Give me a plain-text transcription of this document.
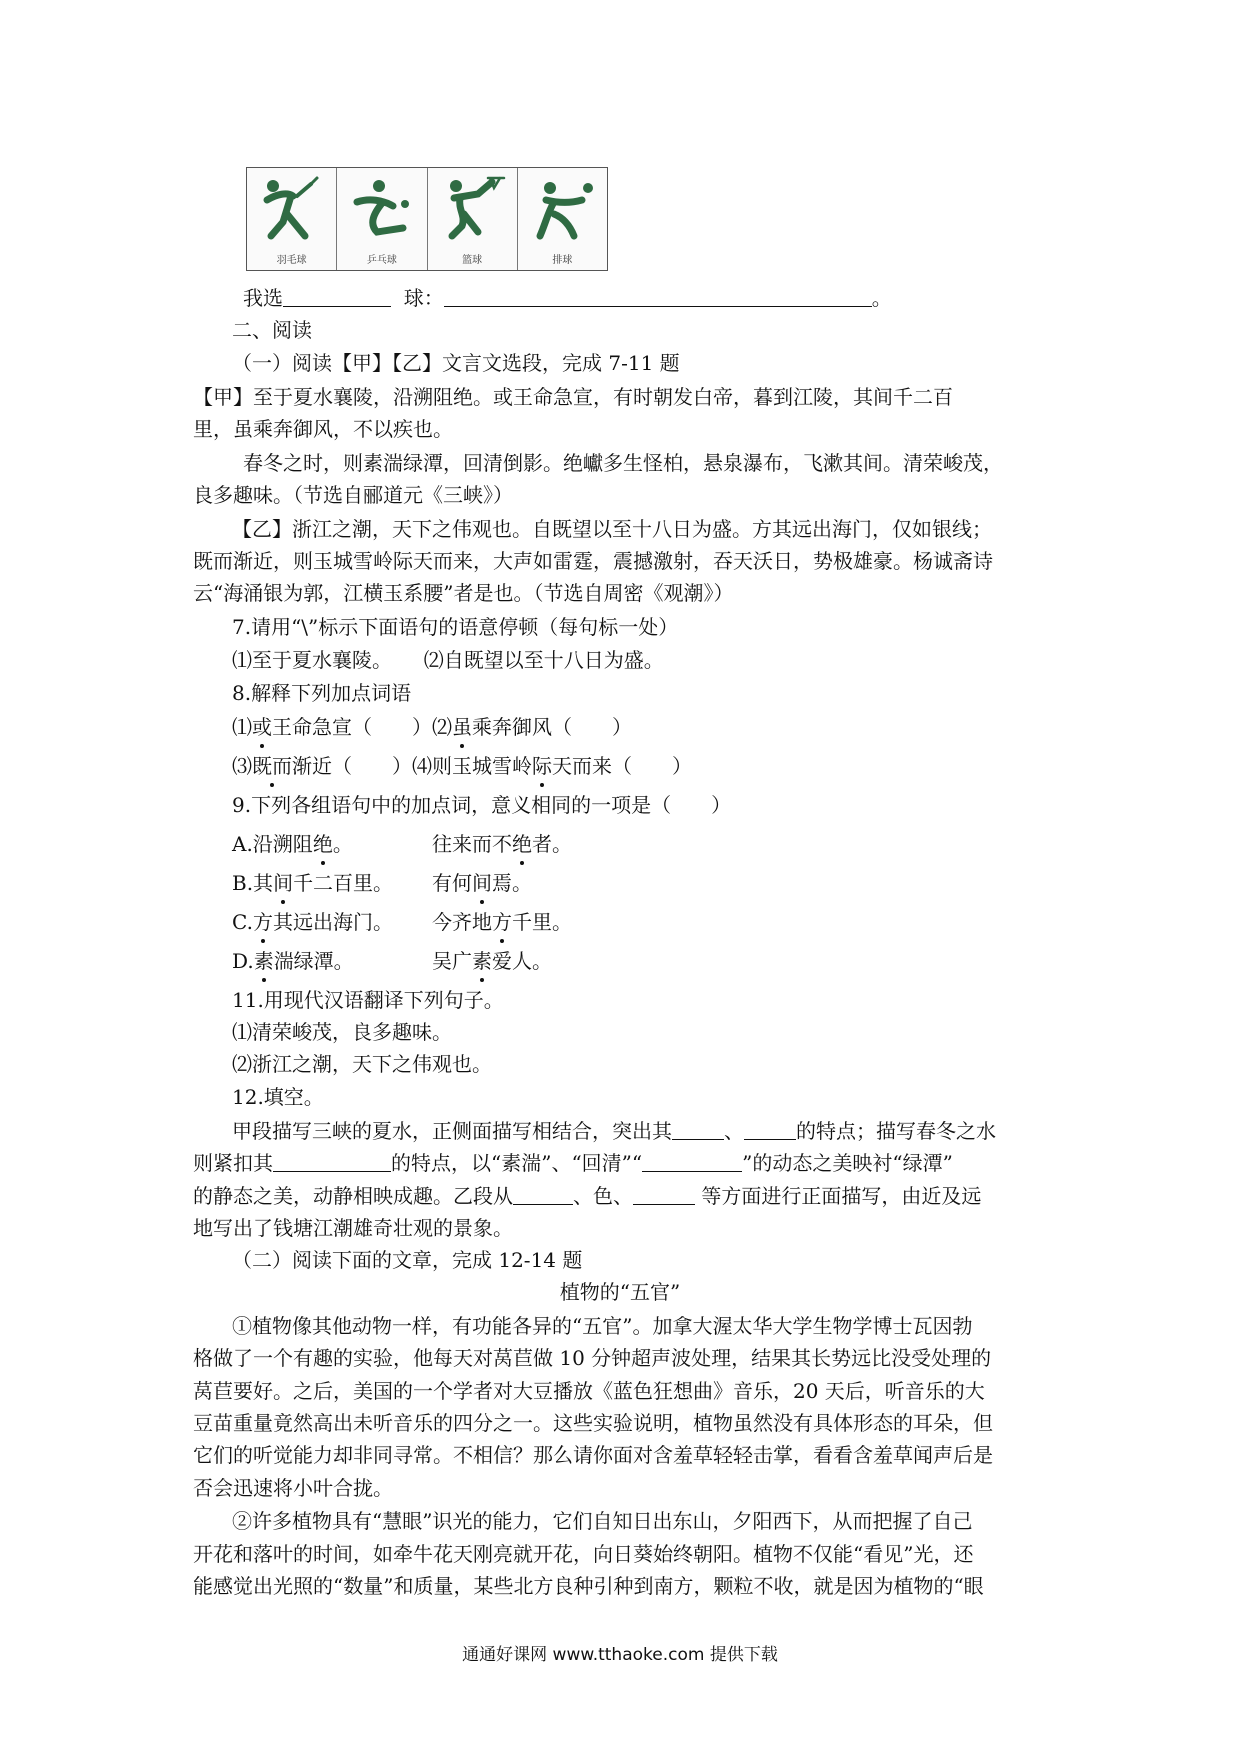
羽毛球	乒乓球	篮球	排球
我选	球：	。
二、阅读
（一）阅读【甲】【乙】文言文选段，完成 7-11 题
【甲】至于夏水襄陵，沿溯阻绝。或王命急宣，有时朝发白帝，暮到江陵，其间千二百
里，虽乘奔御风，不以疾也。
春冬之时，则素湍绿潭，回清倒影。绝巘多生怪柏，悬泉瀑布，飞漱其间。清荣峻茂，
良多趣味。（节选自郦道元《三峡》）
【乙】浙江之潮，天下之伟观也。自既望以至十八日为盛。方其远出海门，仅如银线；
既而渐近，则玉城雪岭际天而来，大声如雷霆，震撼激射，吞天沃日，势极雄豪。杨诚斋诗
云“海涌银为郭，江横玉系腰”者是也。（节选自周密《观潮》）
7.请用“\”标示下面语句的语意停顿（每句标一处）
⑴至于夏水襄陵。 ⑵自既望以至十八日为盛。
8.解释下列加点词语
⑴或王命急宣（　　）⑵虽乘奔御风（　　）
⑶既而渐近（　　）⑷则玉城雪岭际天而来（　　）
9.下列各组语句中的加点词，意义相同的一项是（　　）
A.沿溯阻绝。	往来而不绝者。
B.其间千二百里。 有何间焉。
C.方其远出海门。 今齐地方千里。
D.素湍绿潭。	吴广素爱人。
11.用现代汉语翻译下列句子。
⑴清荣峻茂，良多趣味。
⑵浙江之潮，天下之伟观也。
12.填空。
甲段描写三峡的夏水，正侧面描写相结合，突出其	、	的特点；描写春冬之水
则紧扣其	的特点，以“素湍”、“回清”“	”的动态之美映衬“绿潭”
的静态之美，动静相映成趣。乙段从	、色、	等方面进行正面描写，由近及远
地写出了钱塘江潮雄奇壮观的景象。
（二）阅读下面的文章，完成 12-14 题
植物的“五官”
①植物像其他动物一样，有功能各异的“五官”。加拿大渥太华大学生物学博士瓦因勃
格做了一个有趣的实验，他每天对莴苣做 10 分钟超声波处理，结果其长势远比没受处理的
莴苣要好。之后，美国的一个学者对大豆播放《蓝色狂想曲》音乐，20 天后，听音乐的大
豆苗重量竟然高出未听音乐的四分之一。这些实验说明，植物虽然没有具体形态的耳朵，但
它们的听觉能力却非同寻常。不相信？那么请你面对含羞草轻轻击掌，看看含羞草闻声后是
否会迅速将小叶合拢。
②许多植物具有“慧眼”识光的能力，它们自知日出东山，夕阳西下，从而把握了自己
开花和落叶的时间，如牵牛花天刚亮就开花，向日葵始终朝阳。植物不仅能“看见”光，还
能感觉出光照的“数量”和质量，某些北方良种引种到南方，颗粒不收，就是因为植物的“眼
通通好课网 www.tthaoke.com 提供下载
